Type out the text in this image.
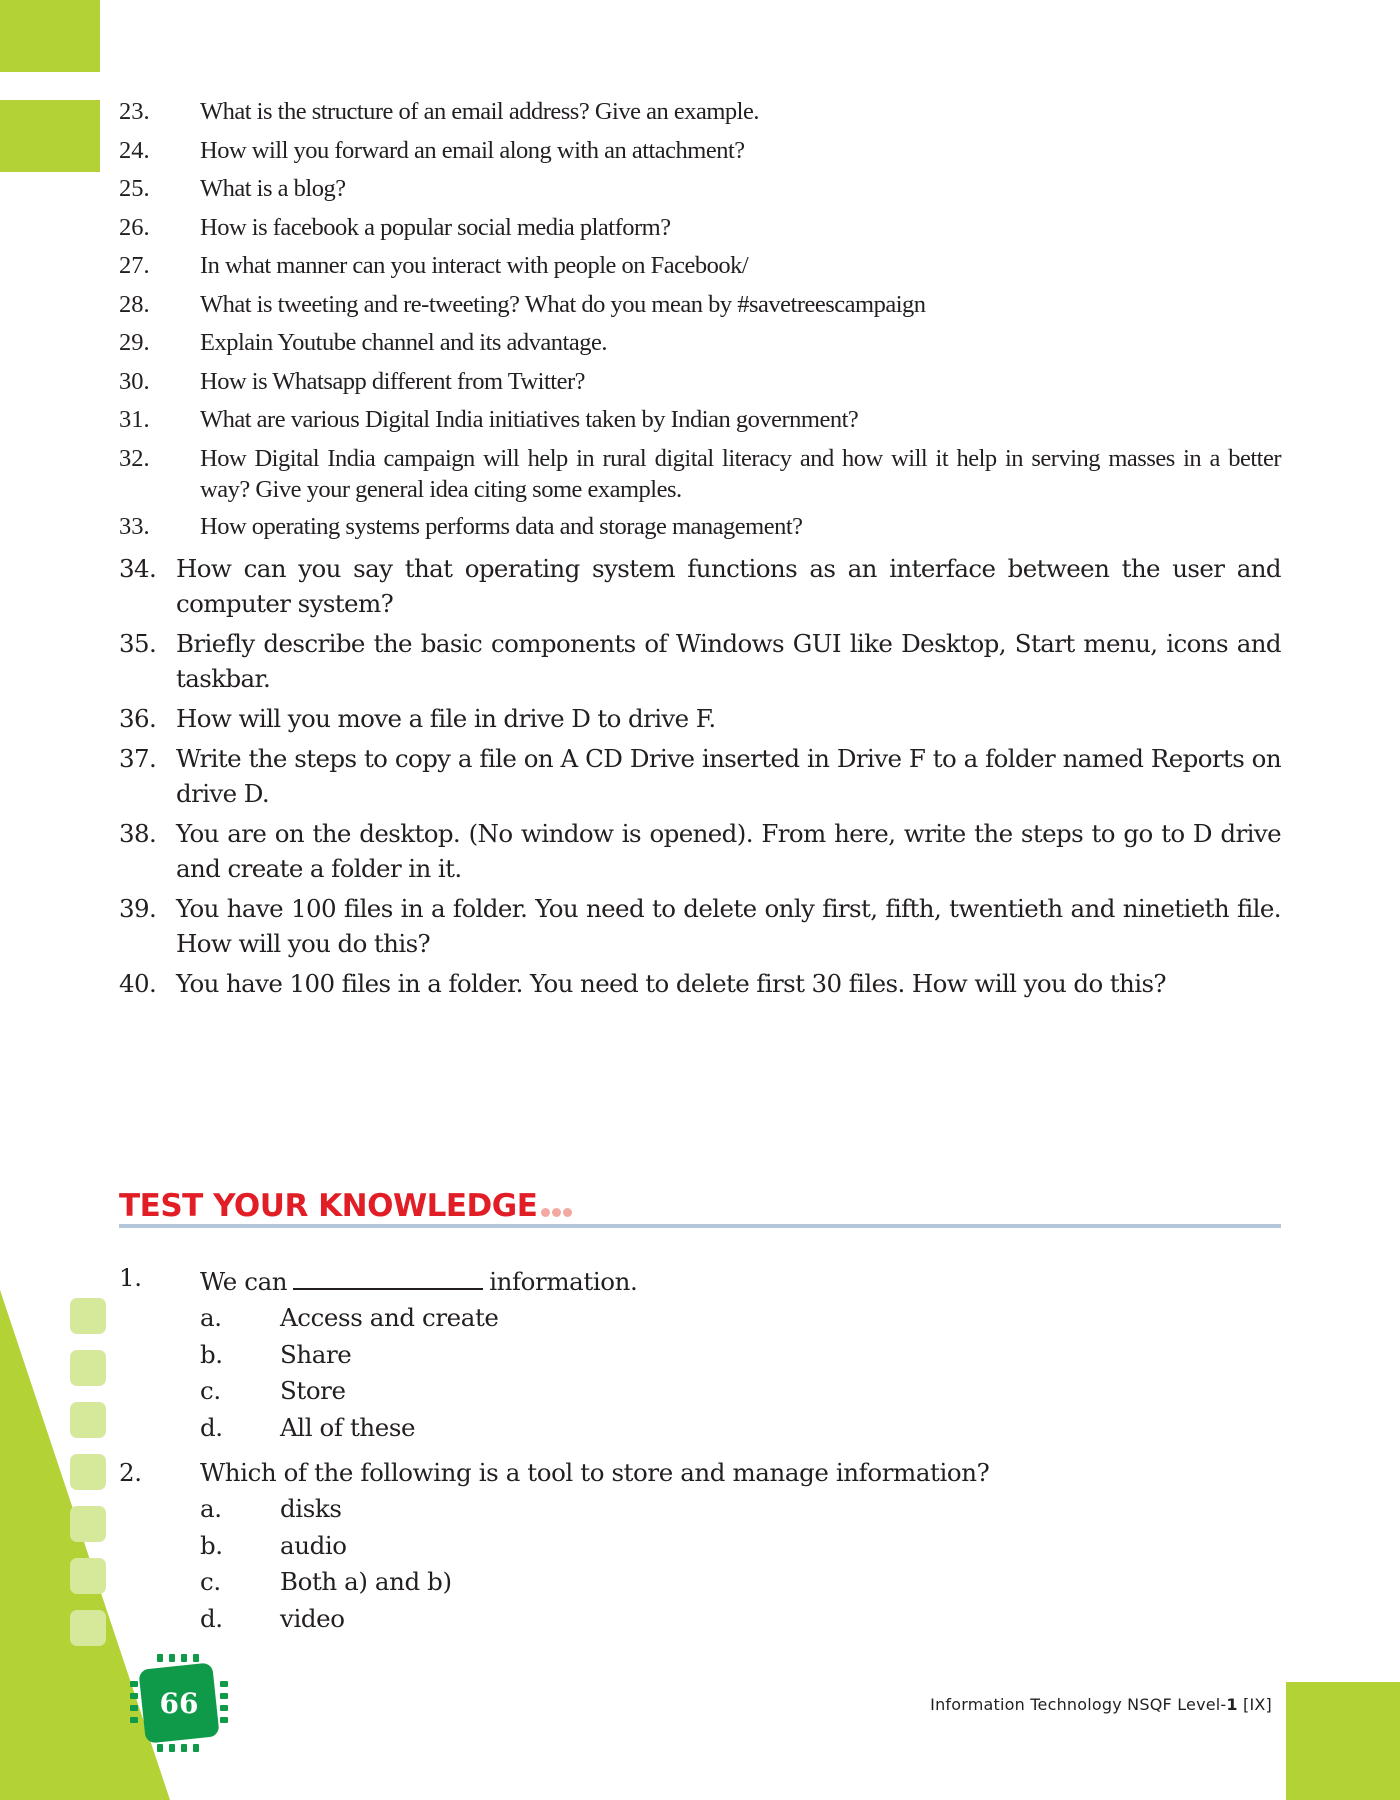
23.	What is the structure of an email address? Give an example.
24.	How will you forward an email along with an attachment?
25.	What is a blog?
26.	How is facebook a popular social media platform?
27.	In what manner can you interact with people on Facebook/
28.	What is tweeting and re-tweeting? What do you mean by #savetreescampaign
29.	Explain Youtube channel and its advantage.
30.	How is Whatsapp different from Twitter?
31.	What are various Digital India initiatives taken by Indian government?
32.	How Digital India campaign will help in rural digital literacy and how will it help in serving masses in a better way? Give your general idea citing some examples.
33.	How operating systems performs data and storage management?
34. How can you say that operating system functions as an interface between the user and computer system?
35. Briefly describe the basic components of Windows GUI like Desktop, Start menu, icons and taskbar.
36. How will you move a file in drive D to drive F.
37. Write the steps to copy a file on A CD Drive inserted in Drive F to a folder named Reports on drive D.
38. You are on the desktop. (No window is opened). From here, write the steps to go to D drive and create a folder in it.
39. You have 100 files in a folder. You need to delete only first, fifth, twentieth and ninetieth file. How will you do this?
40. You have 100 files in a folder. You need to delete first 30 files. How will you do this?
TEST YOUR KNOWLEDGE
1.	We can	information.
a.	Access and create
b.	Share
c.	Store
d.	All of these
2.	Which of the following is a tool to store and manage information?
a.	disks
b.	audio
c.	Both a) and b)
d.	video
66	Information Technology NSQF Level-1 [IX]
